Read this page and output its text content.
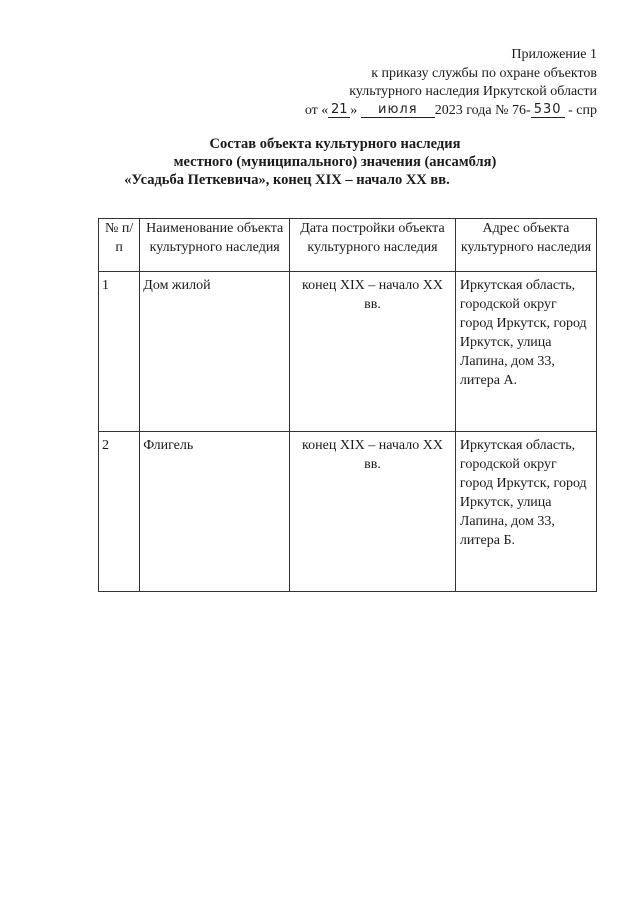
Приложение 1
к приказу службы по охране объектов
культурного наследия Иркутской области
от « 21 » июля 2023 года № 76- 530 - спр
Состав объекта культурного наследия
местного (муниципального) значения (ансамбля)
«Усадьба Петкевича», конец XIX – начало XX вв.
№ п/п	Наименование объекта культурного наследия	Дата постройки объекта культурного наследия	Адрес объекта культурного наследия
1	Дом жилой	конец XIX – начало XX вв.	Иркутская область, городской округ город Иркутск, город Иркутск, улица Лапина, дом 33, литера А.
2	Флигель	конец XIX – начало XX вв.	Иркутская область, городской округ город Иркутск, город Иркутск, улица Лапина, дом 33, литера Б.
